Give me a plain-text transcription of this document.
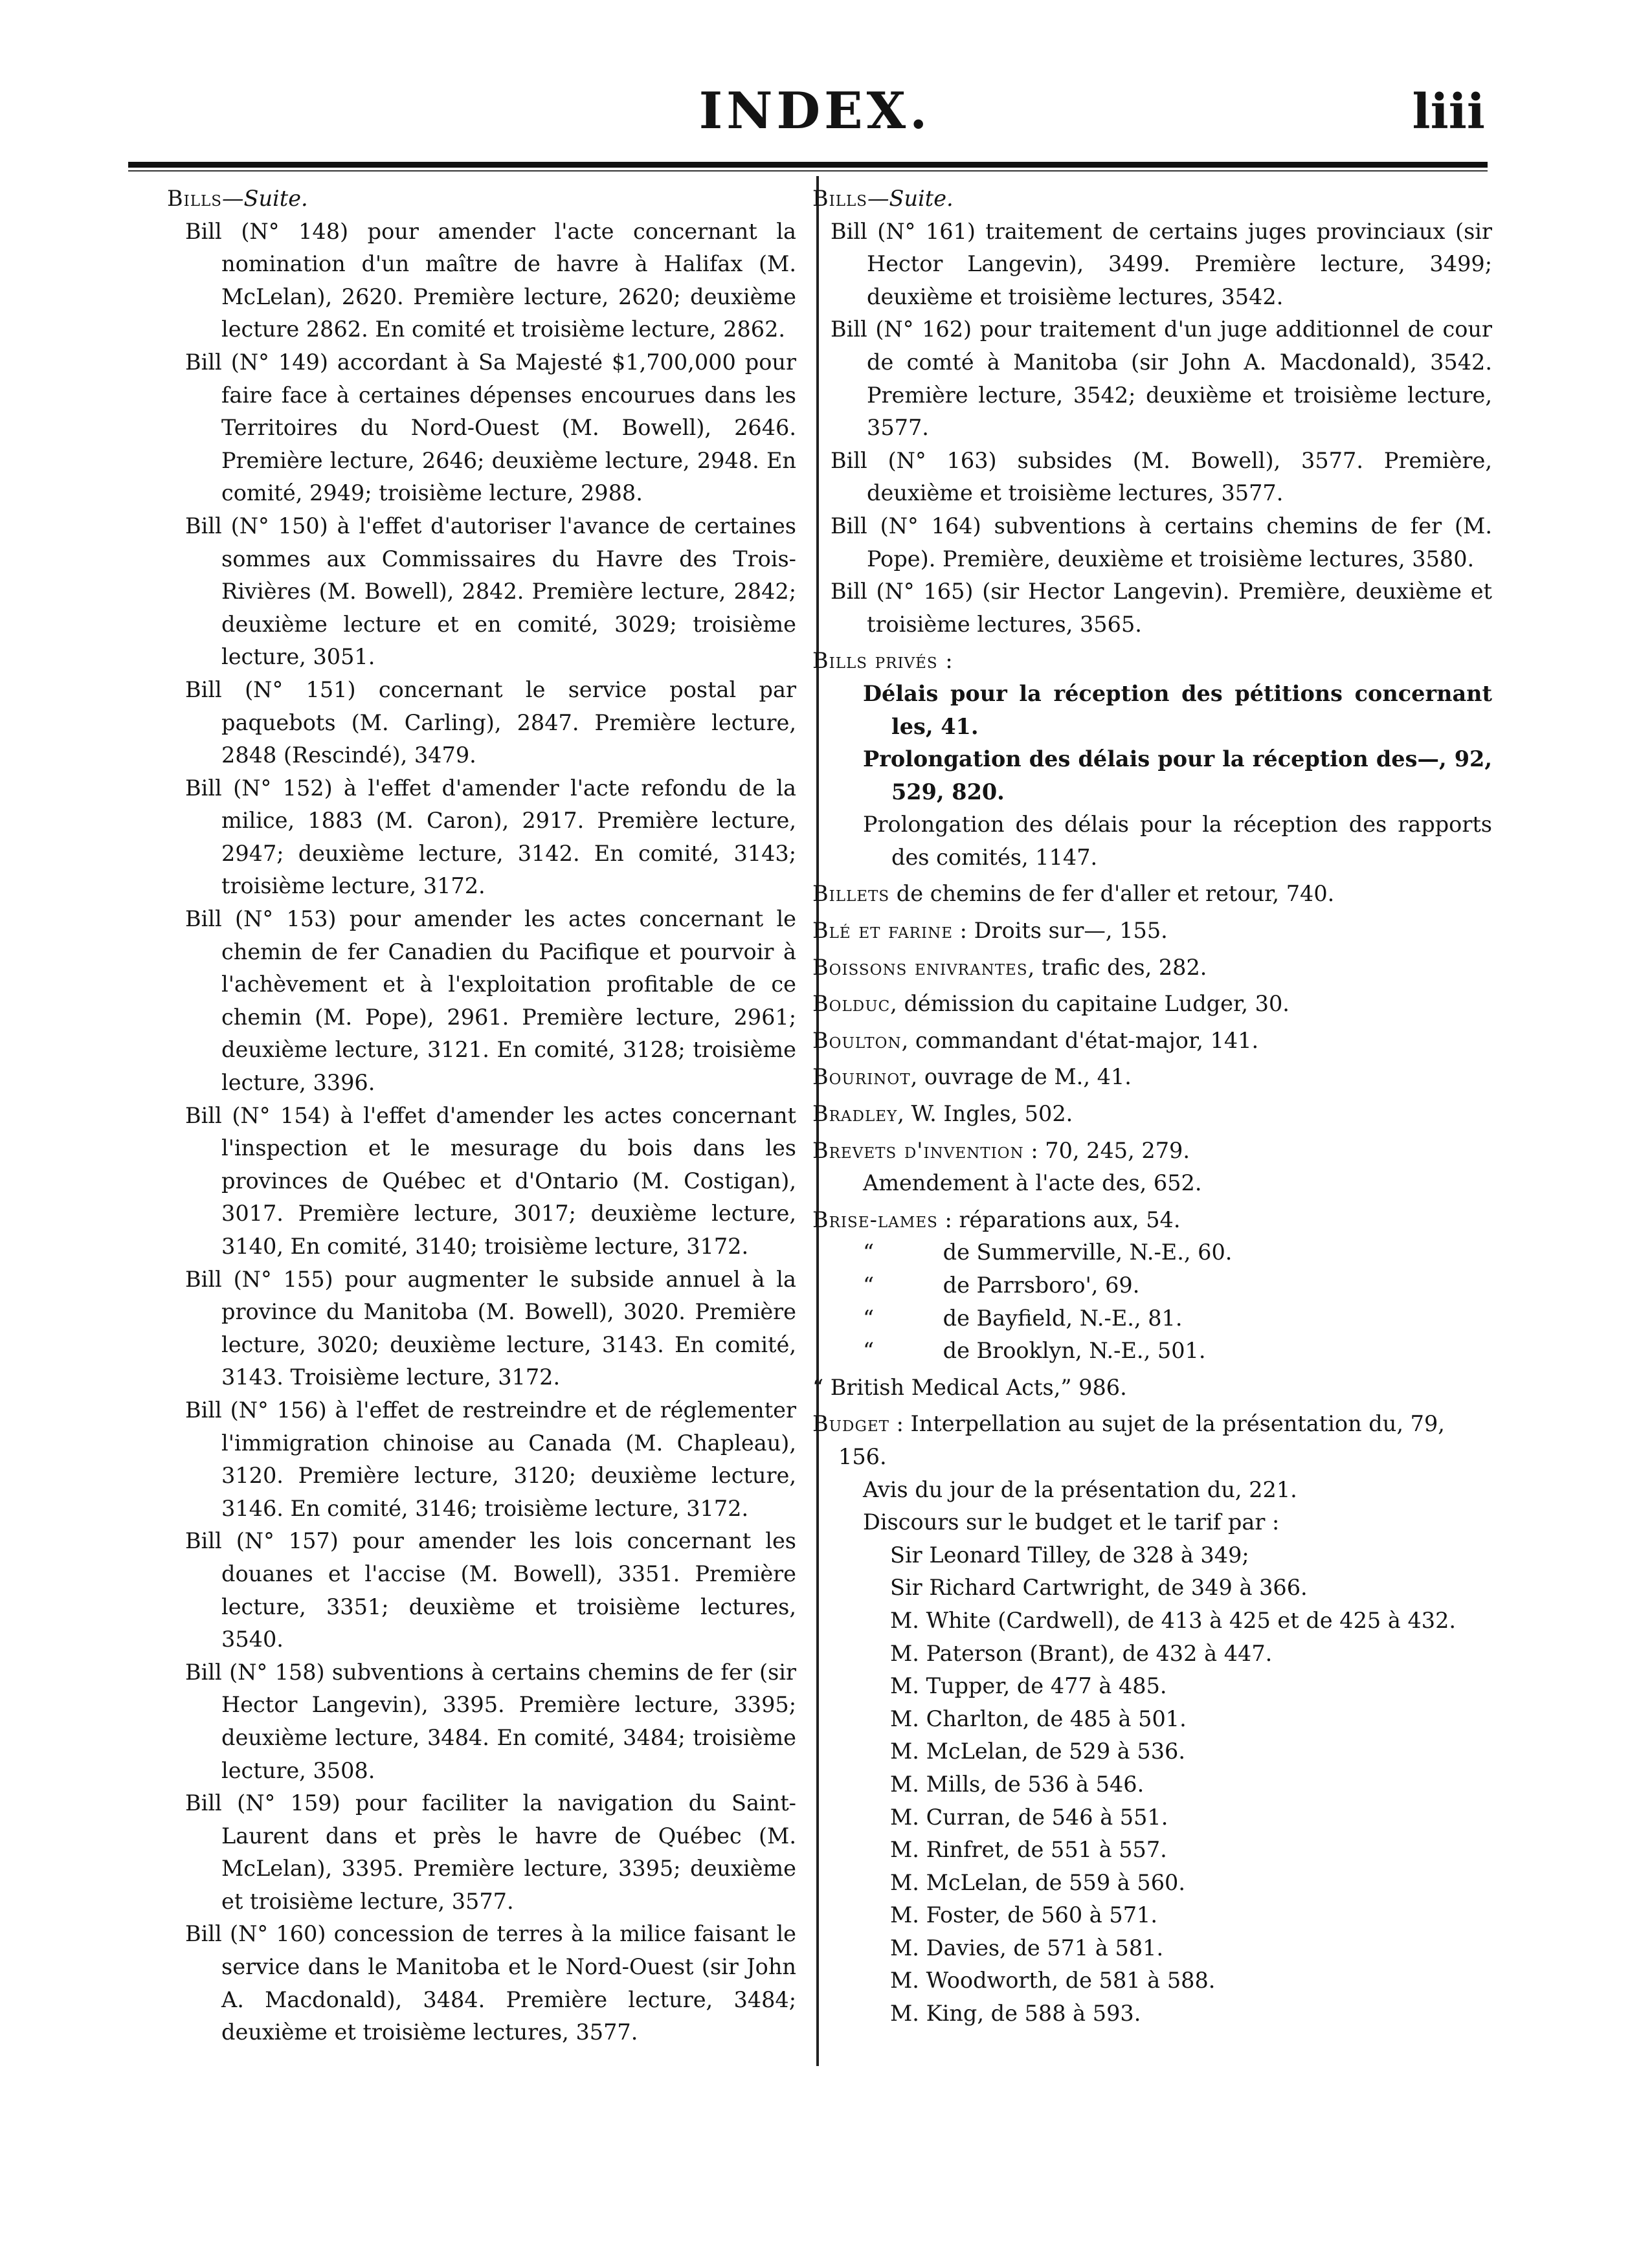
INDEX.	liii
Bills—Suite.
Bill (N° 148) pour amender l'acte concernant la nomination d'un maître de havre à Halifax (M. McLelan), 2620. Première lecture, 2620; deuxième lecture 2862. En comité et troisième lecture, 2862.
Bill (N° 149) accordant à Sa Majesté $1,700,000 pour faire face à certaines dépenses encourues dans les Territoires du Nord-Ouest (M. Bowell), 2646. Première lecture, 2646; deuxième lecture, 2948. En comité, 2949; troisième lecture, 2988.
Bill (N° 150) à l'effet d'autoriser l'avance de certaines sommes aux Commissaires du Havre des Trois-Rivières (M. Bowell), 2842. Première lecture, 2842; deuxième lecture et en comité, 3029; troisième lecture, 3051.
Bill (N° 151) concernant le service postal par paquebots (M. Carling), 2847. Première lecture, 2848 (Rescindé), 3479.
Bill (N° 152) à l'effet d'amender l'acte refondu de la milice, 1883 (M. Caron), 2917. Première lecture, 2947; deuxième lecture, 3142. En comité, 3143; troisième lecture, 3172.
Bill (N° 153) pour amender les actes concernant le chemin de fer Canadien du Pacifique et pourvoir à l'achèvement et à l'exploitation profitable de ce chemin (M. Pope), 2961. Première lecture, 2961; deuxième lecture, 3121. En comité, 3128; troisième lecture, 3396.
Bill (N° 154) à l'effet d'amender les actes concernant l'inspection et le mesurage du bois dans les provinces de Québec et d'Ontario (M. Costigan), 3017. Première lecture, 3017; deuxième lecture, 3140, En comité, 3140; troisième lecture, 3172.
Bill (N° 155) pour augmenter le subside annuel à la province du Manitoba (M. Bowell), 3020. Première lecture, 3020; deuxième lecture, 3143. En comité, 3143. Troisième lecture, 3172.
Bill (N° 156) à l'effet de restreindre et de réglementer l'immigration chinoise au Canada (M. Chapleau), 3120. Première lecture, 3120; deuxième lecture, 3146. En comité, 3146; troisième lecture, 3172.
Bill (N° 157) pour amender les lois concernant les douanes et l'accise (M. Bowell), 3351. Première lecture, 3351; deuxième et troisième lectures, 3540.
Bill (N° 158) subventions à certains chemins de fer (sir Hector Langevin), 3395. Première lecture, 3395; deuxième lecture, 3484. En comité, 3484; troisième lecture, 3508.
Bill (N° 159) pour faciliter la navigation du Saint-Laurent dans et près le havre de Québec (M. McLelan), 3395. Première lecture, 3395; deuxième et troisième lecture, 3577.
Bill (N° 160) concession de terres à la milice faisant le service dans le Manitoba et le Nord-Ouest (sir John A. Macdonald), 3484. Première lecture, 3484; deuxième et troisième lectures, 3577.
Bills—Suite.
Bill (N° 161) traitement de certains juges provinciaux (sir Hector Langevin), 3499. Première lecture, 3499; deuxième et troisième lectures, 3542.
Bill (N° 162) pour traitement d'un juge additionnel de cour de comté à Manitoba (sir John A. Macdonald), 3542. Première lecture, 3542; deuxième et troisième lecture, 3577.
Bill (N° 163) subsides (M. Bowell), 3577. Première, deuxième et troisième lectures, 3577.
Bill (N° 164) subventions à certains chemins de fer (M. Pope). Première, deuxième et troisième lectures, 3580.
Bill (N° 165) (sir Hector Langevin). Première, deuxième et troisième lectures, 3565.
Bills privés :
Délais pour la réception des pétitions concernant les, 41.
Prolongation des délais pour la réception des—, 92, 529, 820.
Prolongation des délais pour la réception des rapports des comités, 1147.
Billets de chemins de fer d'aller et retour, 740.
Blé et farine : Droits sur—, 155.
Boissons enivrantes, trafic des, 282.
Bolduc, démission du capitaine Ludger, 30.
Boulton, commandant d'état-major, 141.
Bourinot, ouvrage de M., 41.
Bradley, W. Ingles, 502.
Brevets d'invention : 70, 245, 279.
Amendement à l'acte des, 652.
Brise-lames : réparations aux, 54.
“	de Summerville, N.-E., 60.
“	de Parrsboro', 69.
“	de Bayfield, N.-E., 81.
“	de Brooklyn, N.-E., 501.
“ British Medical Acts,” 986.
Budget : Interpellation au sujet de la présentation du, 79, 156.
Avis du jour de la présentation du, 221.
Discours sur le budget et le tarif par :
Sir Leonard Tilley, de 328 à 349;
Sir Richard Cartwright, de 349 à 366.
M. White (Cardwell), de 413 à 425 et de 425 à 432.
M. Paterson (Brant), de 432 à 447.
M. Tupper, de 477 à 485.
M. Charlton, de 485 à 501.
M. McLelan, de 529 à 536.
M. Mills, de 536 à 546.
M. Curran, de 546 à 551.
M. Rinfret, de 551 à 557.
M. McLelan, de 559 à 560.
M. Foster, de 560 à 571.
M. Davies, de 571 à 581.
M. Woodworth, de 581 à 588.
M. King, de 588 à 593.
